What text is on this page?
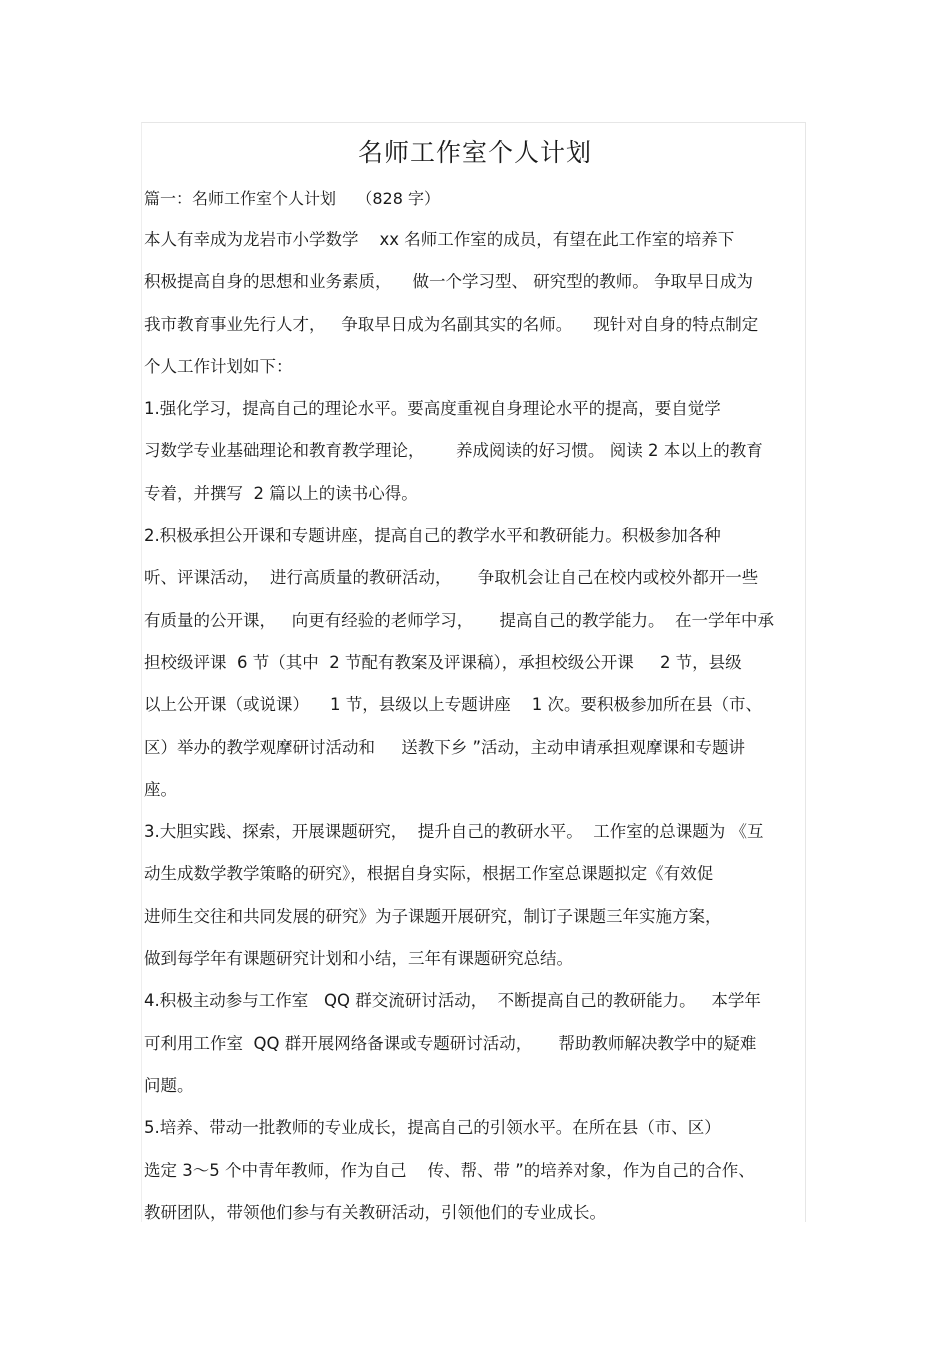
名师工作室个人计划
篇一：名师工作室个人计划    （828 字）
本人有幸成为龙岩市小学数学    xx 名师工作室的成员，有望在此工作室的培养下
积极提高自身的思想和业务素质，    做一个学习型、 研究型的教师。 争取早日成为
我市教育事业先行人才，   争取早日成为名副其实的名师。    现针对自身的特点制定
个人工作计划如下：
1.强化学习，提高自己的理论水平。要高度重视自身理论水平的提高，要自觉学
习数学专业基础理论和教育教学理论，      养成阅读的好习惯。 阅读 2 本以上的教育
专着，并撰写  2 篇以上的读书心得。
2.积极承担公开课和专题讲座，提高自己的教学水平和教研能力。积极参加各种
听、评课活动，  进行高质量的教研活动，     争取机会让自己在校内或校外都开一些
有质量的公开课，   向更有经验的老师学习，     提高自己的教学能力。  在一学年中承
担校级评课  6 节（其中  2 节配有教案及评课稿），承担校级公开课     2 节，县级
以上公开课（或说课）    1 节，县级以上专题讲座    1 次。要积极参加所在县（市、
区）举办的教学观摩研讨活动和     送教下乡 ”活动，主动申请承担观摩课和专题讲
座。
3.大胆实践、探索，开展课题研究，  提升自己的教研水平。  工作室的总课题为 《互
动生成数学教学策略的研究》，根据自身实际，根据工作室总课题拟定《有效促
进师生交往和共同发展的研究》为子课题开展研究，制订子课题三年实施方案，
做到每学年有课题研究计划和小结，三年有课题研究总结。
4.积极主动参与工作室   QQ 群交流研讨活动，  不断提高自己的教研能力。   本学年
可利用工作室  QQ 群开展网络备课或专题研讨活动，     帮助教师解决教学中的疑难
问题。
5.培养、带动一批教师的专业成长，提高自己的引领水平。在所在县（市、区）
选定 3～5 个中青年教师，作为自己    传、帮、带 ”的培养对象，作为自己的合作、
教研团队，带领他们参与有关教研活动，引领他们的专业成长。
